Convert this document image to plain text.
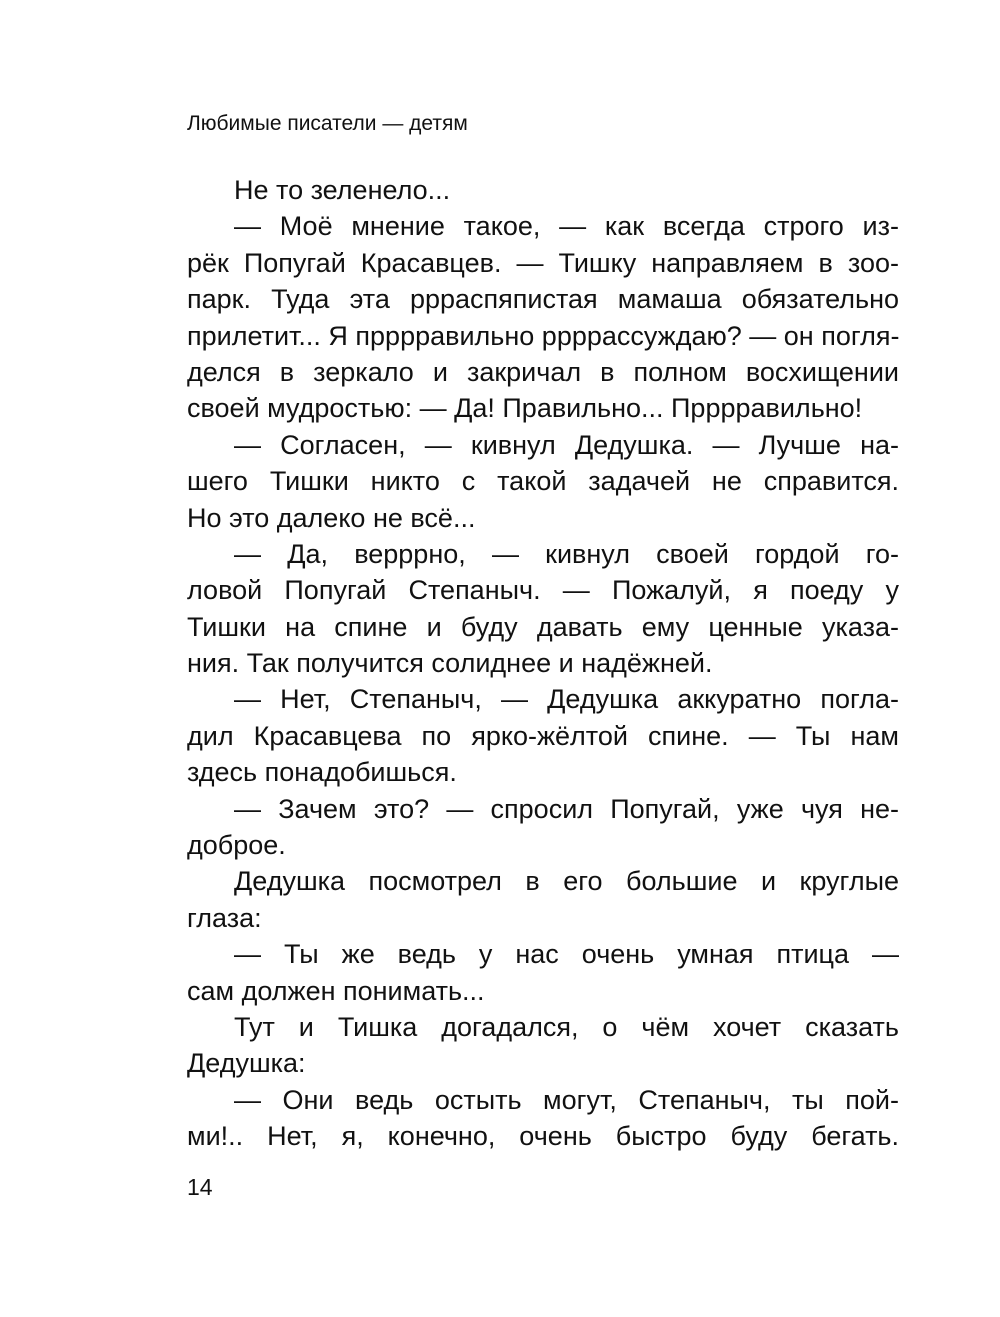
Любимые писатели — детям
Не то зеленело...
— Моё мнение такое, — как всегда строго из-
рёк Попугай Красавцев. — Тишку направляем в зоо-
парк. Туда эта ррраспяпистая мамаша обязательно
прилетит... Я прррравильно ррррассуждаю? — он погля-
делся в зеркало и закричал в полном восхищении
своей мудростью: — Да! Правильно... Прррравильно!
— Согласен, — кивнул Дедушка. — Лучше на-
шего Тишки никто с такой задачей не справится.
Но это далеко не всё...
— Да, верррно, — кивнул своей гордой го-
ловой Попугай Степаныч. — Пожалуй, я поеду у
Тишки на спине и буду давать ему ценные указа-
ния. Так получится солиднее и надёжней.
— Нет, Степаныч, — Дедушка аккуратно погла-
дил Красавцева по ярко-жёлтой спине. — Ты нам
здесь понадобишься.
— Зачем это? — спросил Попугай, уже чуя не-
доброе.
Дедушка посмотрел в его большие и круглые
глаза:
— Ты же ведь у нас очень умная птица —
сам должен понимать...
Тут и Тишка догадался, о чём хочет сказать
Дедушка:
— Они ведь остыть могут, Степаныч, ты пой-
ми!.. Нет, я, конечно, очень быстро буду бегать.
14
